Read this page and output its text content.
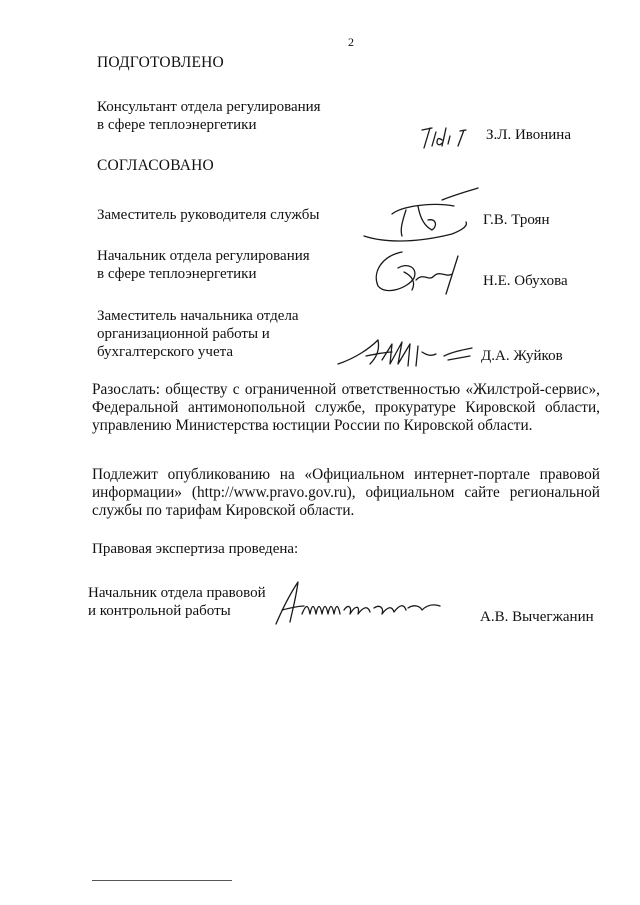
2
ПОДГОТОВЛЕНО
Консультант отдела регулирования
в сфере теплоэнергетики
З.Л. Ивонина
СОГЛАСОВАНО
Заместитель руководителя службы	Г.В. Троян
Начальник отдела регулирования
в сфере теплоэнергетики	Н.Е. Обухова
Заместитель начальника отдела
организационной работы и
бухгалтерского учета	Д.А. Жуйков
Разослать: обществу с ограниченной ответственностью «Жилстрой-сервис»,
Федеральной антимонопольной службе, прокуратуре Кировской области,
управлению Министерства юстиции России по Кировской области.
Подлежит опубликованию на «Официальном интернет-портале правовой
информации» (http://www.pravo.gov.ru), официальном сайте региональной
службы по тарифам Кировской области.
Правовая экспертиза проведена:
Начальник отдела правовой
и контрольной работы	А.В. Вычегжанин
